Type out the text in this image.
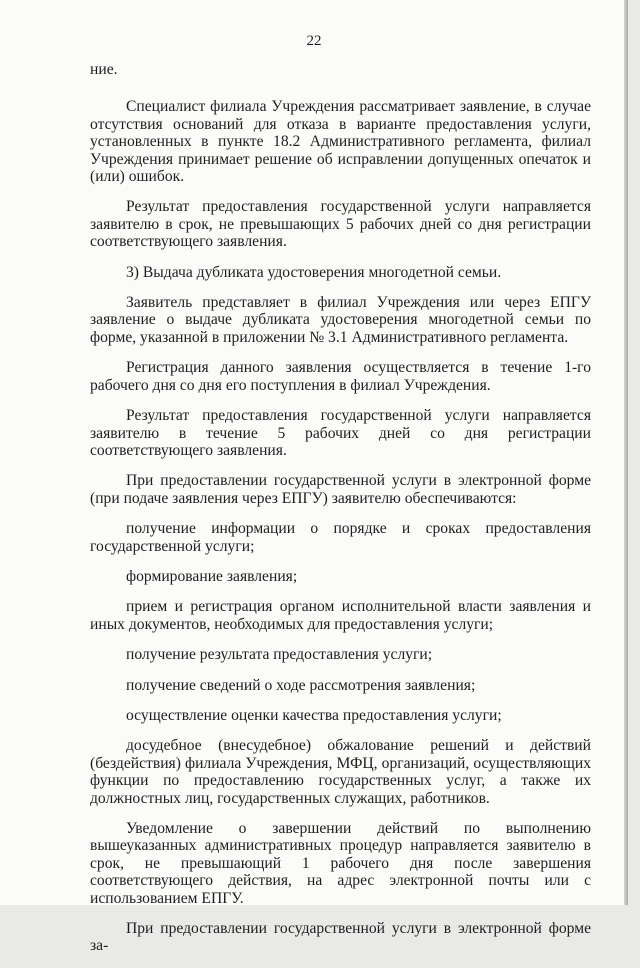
22

ние.

Специалист филиала Учреждения рассматривает заявление, в случае отсутствия оснований для отказа в варианте предоставления услуги, установленных в пункте 18.2 Административного регламента, филиал Учреждения принимает решение об исправлении допущенных опечаток и (или) ошибок.

Результат предоставления государственной услуги направляется заявителю в срок, не превышающих 5 рабочих дней со дня регистрации соответствующего заявления.

3) Выдача дубликата удостоверения многодетной семьи.

Заявитель представляет в филиал Учреждения или через ЕПГУ заявление о выдаче дубликата удостоверения многодетной семьи по форме, указанной в приложении № 3.1 Административного регламента.

Регистрация данного заявления осуществляется в течение 1-го рабочего дня со дня его поступления в филиал Учреждения.

Результат предоставления государственной услуги направляется заявителю в течение 5 рабочих дней со дня регистрации соответствующего заявления.

При предоставлении государственной услуги в электронной форме (при подаче заявления через ЕПГУ) заявителю обеспечиваются:

получение информации о порядке и сроках предоставления государственной услуги;

формирование заявления;

прием и регистрация органом исполнительной власти заявления и иных документов, необходимых для предоставления услуги;

получение результата предоставления услуги;

получение сведений о ходе рассмотрения заявления;

осуществление оценки качества предоставления услуги;

досудебное (внесудебное) обжалование решений и действий (бездействия) филиала Учреждения, МФЦ, организаций, осуществляющих функции по предоставлению государственных услуг, а также их должностных лиц, государственных служащих, работников.

Уведомление о завершении действий по выполнению вышеуказанных административных процедур направляется заявителю в срок, не превышающий 1 рабочего дня после завершения соответствующего действия, на адрес электронной почты или с использованием ЕПГУ.

При предоставлении государственной услуги в электронной форме за-
